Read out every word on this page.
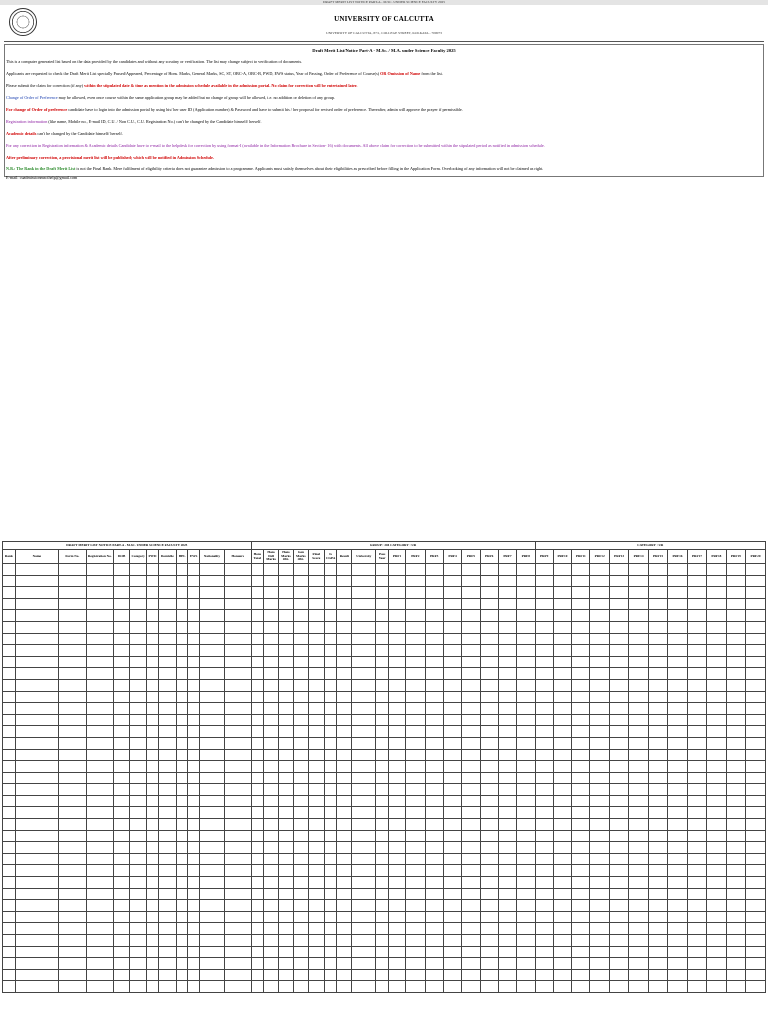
DRAFT MERIT LIST NOTICE PART-A - M.SC. UNDER SCIENCE FACULTY 2025
UNIVERSITY OF CALCUTTA
UNIVERSITY OF CALCUTTA, 87/1, COLLEGE STREET, KOLKATA - 700073
Draft Merit List/Notice Part-A - M.Sc. / M.A. under Science Faculty 2025
This is a computer generated list based on the data provided by the candidates and without any scrutiny or verification. The list may change subject to verification of documents.
Applicants are requested to check the Draft Merit List specially Passed/Appeared, Percentage of Hons. Marks, General Marks, SC, ST, OBC-A, OBC-B, PWD, EWS status, Year of Passing, Order of Preference of Course(s) OR Omission of Name from the list.
Please submit the claim for correction (if any) within the stipulated date & time as mention in the admission schedule available in the admission portal. No claim for correction will be entertained later.
Change of Order of Preference may be allowed, even once course within the same application group may be added but no change of group will be allowed, i.e. no addition or deletion of any group.
For change of Order of preference candidate have to login into the admission portal by using his/ her user ID (Application number) & Password and have to submit his / her proposal for revised order of preference. Thereafter, admin will approve the prayer if permissible.
Registration information (like name, Mobile no., E-mail ID, C.U. / Non C.U., C.U. Registration No.) can't be changed by the Candidate himself/ herself.
Academic details can't be changed by the Candidate himself/ herself.
For any correction in Registration information & Academic details Candidate have to e-mail to the helpdesk for correction by using format-I (available in the Information Brochure in Section- 16) with documents. All above claim for correction to be submitted within the stipulated period as notified in admission schedule.
After preliminary correction, a provisional merit list will be published; which will be notified in Admission Schedule.
N.B.: The Rank in the Draft Merit List is not the Final Rank. Mere fulfilment of eligibility criteria does not guarantee admission to a programme. Applicants must satisfy themselves about their eligibilities as prescribed before filling in the Application Form. Overlooking of any information will not be claimed as right.
E-mail: cuadmissionmscthelp@gmail.com
DRAFT MERIT LIST NOTICE PART-A - M.SC. UNDER SCIENCE FACULTY 2025												GROUP : 204 CATEGORY : UR																	CATEGORY : UR											
Rank	Name	Form No.	Registration No.	DOB	Category	PWD	Domicile	BPL	EWS	Nationality	Honours	Hons Total	Hons Full Marks	Hons Marks Obt.	Gen Marks Obt.	Final Score	Is CGPA	Result	University	Pass Year	PRF1	PRF2	PRF3	PRF4	PRF5	PRF6	PRF7	PRF8	PRF9	PRF10	PRF11	PRF12	PRF13	PRF14	PRF15	PRF16	PRF17	PRF18	PRF19	PRF20
